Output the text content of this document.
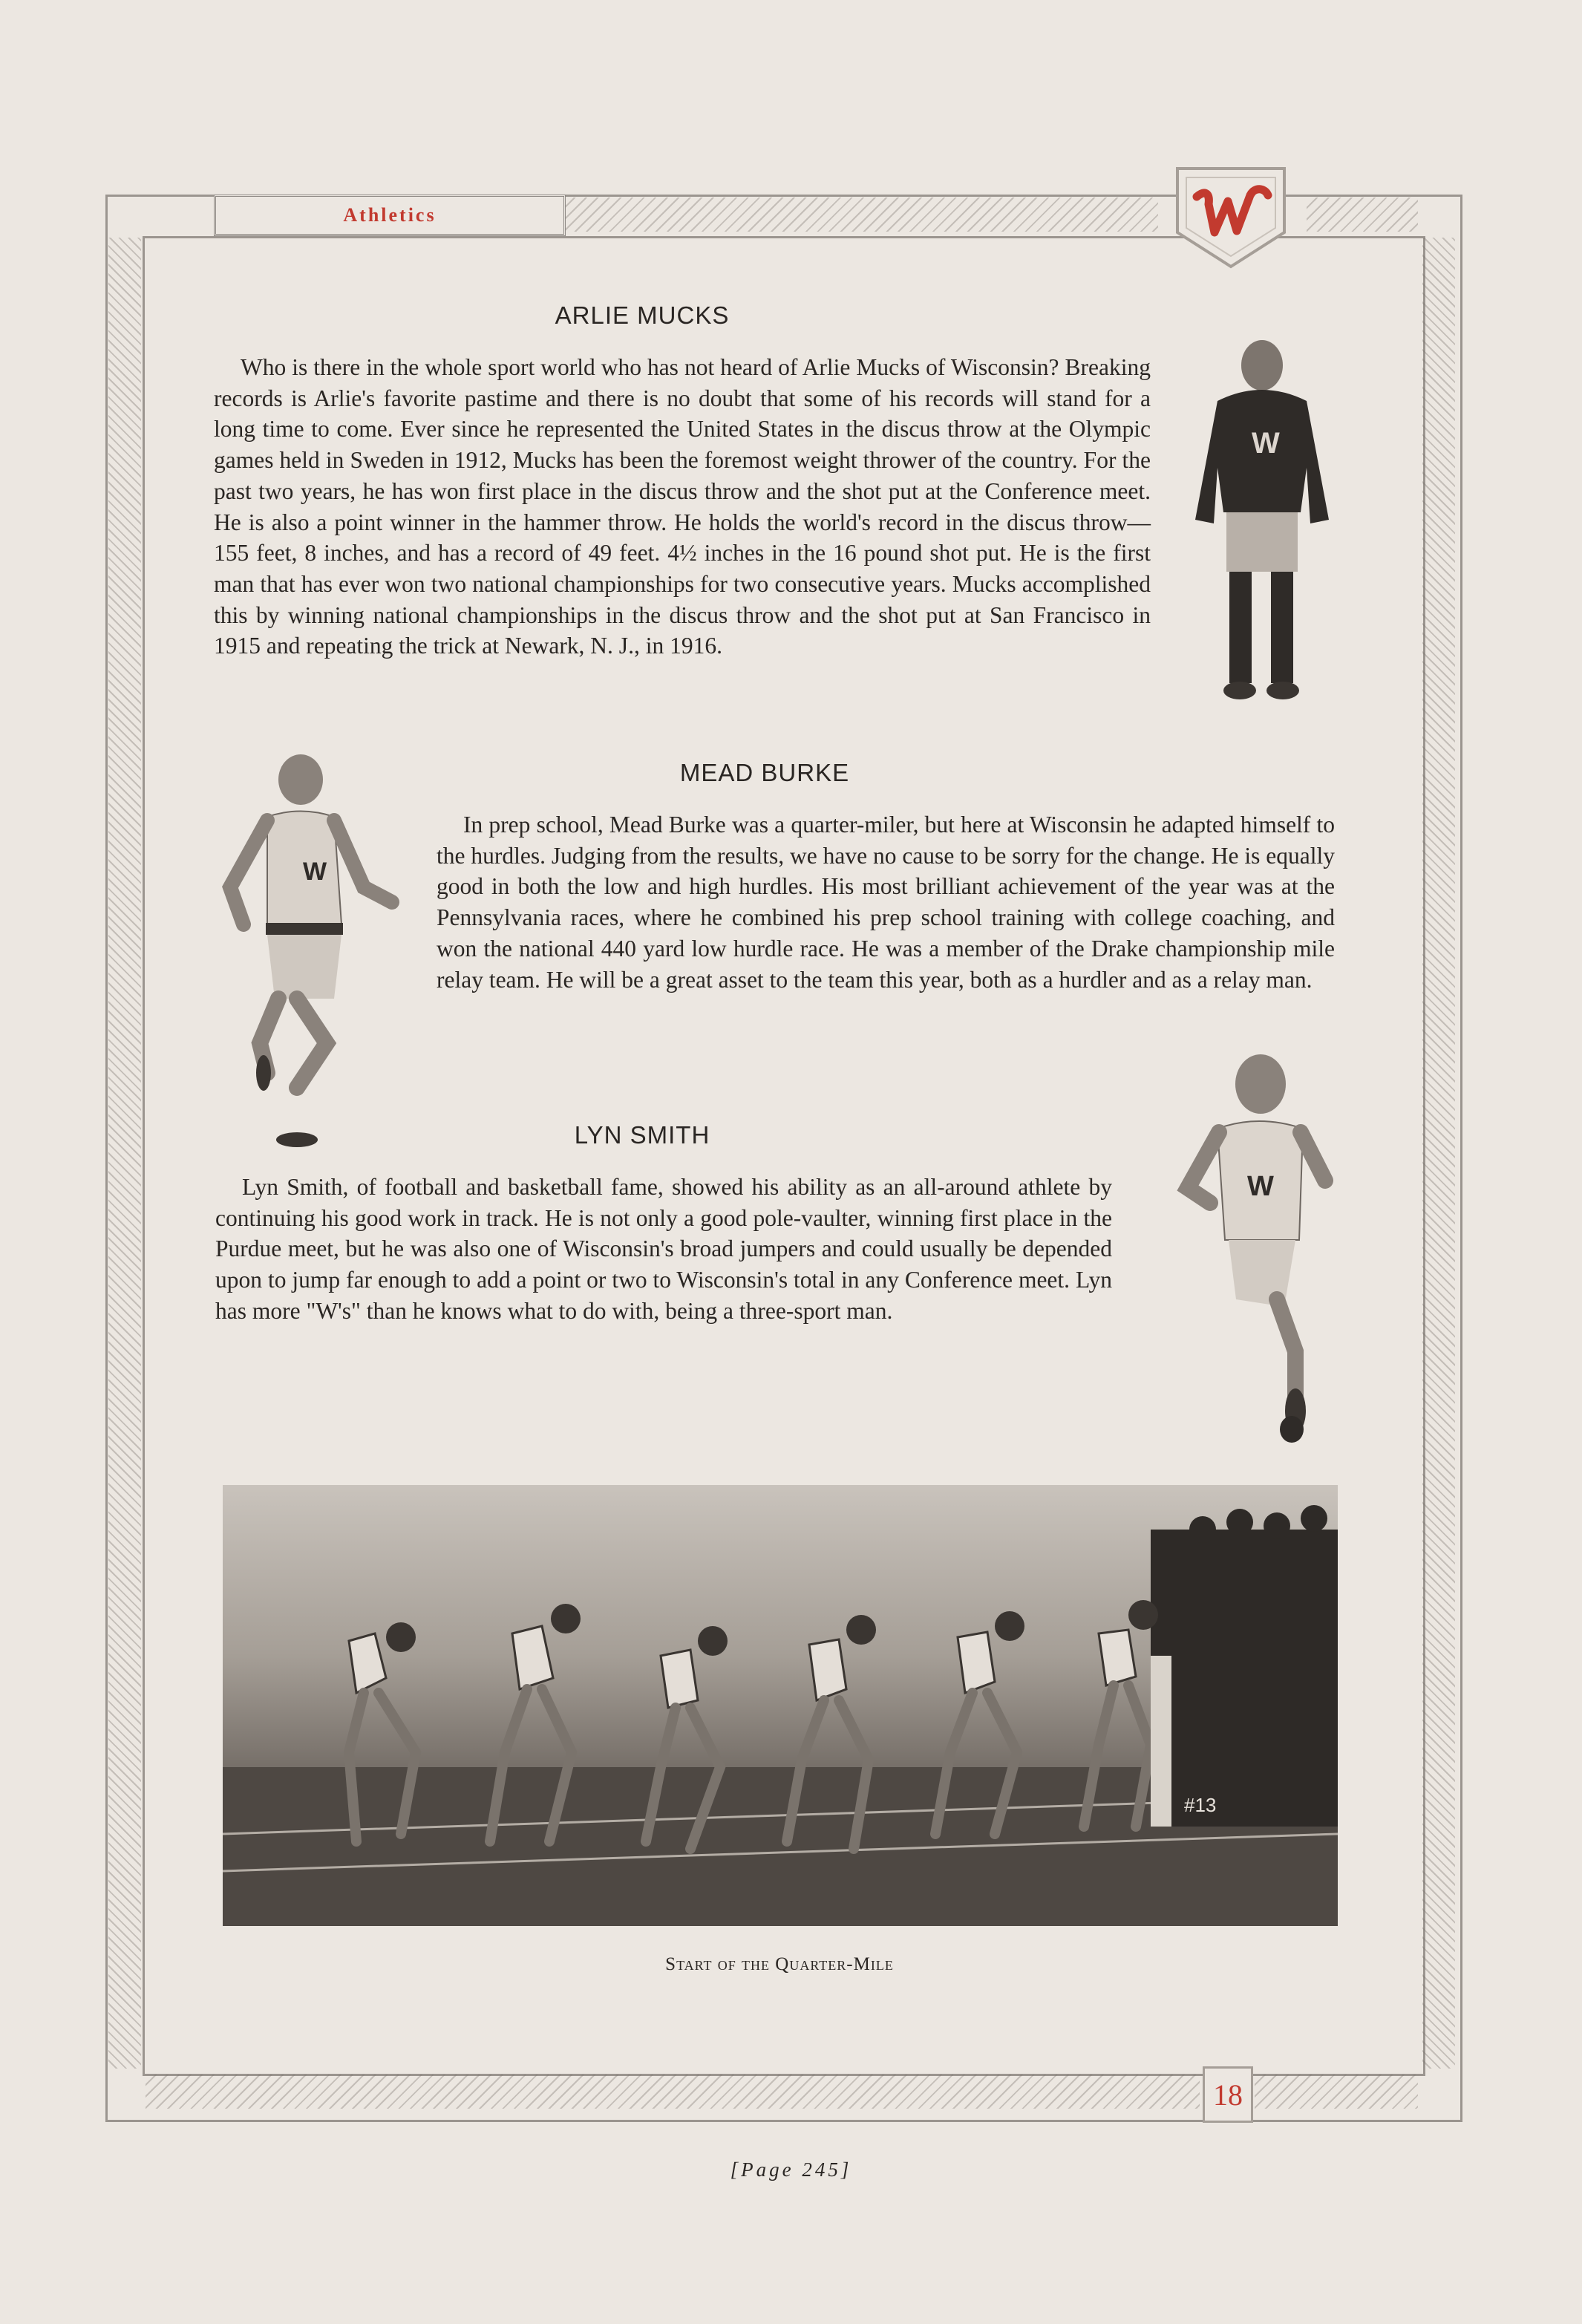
Athletics
ARLIE MUCKS
Who is there in the whole sport world who has not heard of Arlie Mucks of Wisconsin? Breaking records is Arlie's favorite pastime and there is no doubt that some of his records will stand for a long time to come. Ever since he represented the United States in the discus throw at the Olympic games held in Sweden in 1912, Mucks has been the foremost weight thrower of the country. For the past two years, he has won first place in the discus throw and the shot put at the Conference meet. He is also a point winner in the hammer throw. He holds the world's record in the discus throw—155 feet, 8 inches, and has a record of 49 feet. 4½ inches in the 16 pound shot put. He is the first man that has ever won two national championships for two consecutive years. Mucks accomplished this by winning national championships in the discus throw and the shot put at San Francisco in 1915 and repeating the trick at Newark, N. J., in 1916.
W
MEAD BURKE
In prep school, Mead Burke was a quarter-miler, but here at Wisconsin he adapted himself to the hurdles. Judging from the results, we have no cause to be sorry for the change. He is equally good in both the low and high hurdles. His most brilliant achievement of the year was at the Pennsylvania races, where he combined his prep school training with college coaching, and won the national 440 yard low hurdle race. He was a member of the Drake championship mile relay team. He will be a great asset to the team this year, both as a hurdler and as a relay man.
W
LYN SMITH
Lyn Smith, of football and basketball fame, showed his ability as an all-around athlete by continuing his good work in track. He is not only a good pole-vaulter, winning first place in the Purdue meet, but he was also one of Wisconsin's broad jumpers and could usually be depended upon to jump far enough to add a point or two to Wisconsin's total in any Conference meet. Lyn has more "W's" than he knows what to do with, being a three-sport man.
W
#13
Start of the Quarter-Mile
18
[Page 245]
